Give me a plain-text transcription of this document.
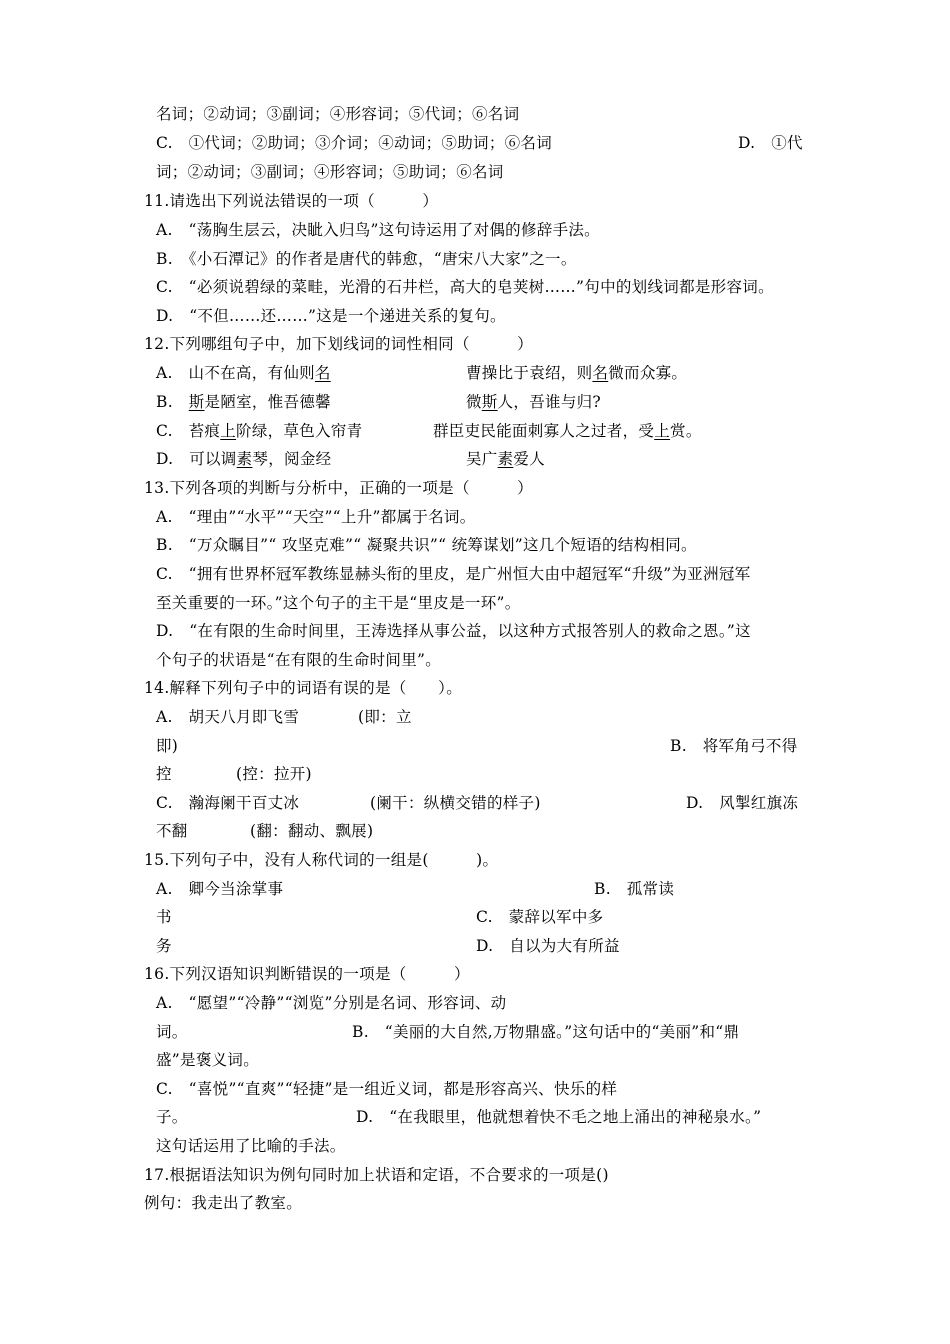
名词；②动词；③副词；④形容词；⑤代词；⑥名词
C.　①代词；②助词；③介词；④动词；⑤助词；⑥名词	D.　①代
词；②动词；③副词；④形容词；⑤助词；⑥名词
11.请选出下列说法错误的一项（　　　）
A.　“荡胸生层云，决眦入归鸟”这句诗运用了对偶的修辞手法。
B.　《小石潭记》的作者是唐代的韩愈，“唐宋八大家”之一。
C.　“必须说碧绿的菜畦，光滑的石井栏，高大的皂荚树……”句中的划线词都是形容词。
D.　“不但……还……”这是一个递进关系的复句。
12.下列哪组句子中，加下划线词的词性相同（　　　）
A.　山不在高，有仙则名	曹操比于袁绍，则名微而众寡。
B.　斯是陋室，惟吾德馨	微斯人，吾谁与归?
C.　苔痕上阶绿，草色入帘青	群臣吏民能面刺寡人之过者，受上赏。
D.　可以调素琴，阅金经	吴广素爱人
13.下列各项的判断与分析中，正确的一项是（　　　）
A.　“理由”“水平”“天空”“上升”都属于名词。
B.　“万众瞩目”“ 攻坚克难”“ 凝聚共识”“ 统筹谋划”这几个短语的结构相同。
C.　“拥有世界杯冠军教练显赫头衔的里皮，是广州恒大由中超冠军“升级”为亚洲冠军
至关重要的一环。”这个句子的主干是“里皮是一环”。
D.　“在有限的生命时间里，王涛选择从事公益，以这种方式报答别人的救命之恩。”这
个句子的状语是“在有限的生命时间里”。
14.解释下列句子中的词语有误的是（　　）。
A.　胡天八月即飞雪	(即：立
即)	B.　将军角弓不得
控	(控：拉开)
C.　瀚海阑干百丈冰	(阑干：纵横交错的样子)	D.　风掣红旗冻
不翻	(翻：翻动、飘展)
15.下列句子中，没有人称代词的一组是(　　　)。
A.　卿今当涂掌事	B.　孤常读
书	C.　蒙辞以军中多
务	D.　自以为大有所益
16.下列汉语知识判断错误的一项是（　　　）
A.　“愿望”“冷静”“浏览”分别是名词、形容词、动
词。	B.　“美丽的大自然,万物鼎盛。”这句话中的“美丽”和“鼎
盛”是褒义词。
C.　“喜悦”“直爽”“轻捷”是一组近义词，都是形容高兴、快乐的样
子。	D.　“在我眼里，他就想着快不毛之地上涌出的神秘泉水。”
这句话运用了比喻的手法。
17.根据语法知识为例句同时加上状语和定语，不合要求的一项是()
例句：我走出了教室。
